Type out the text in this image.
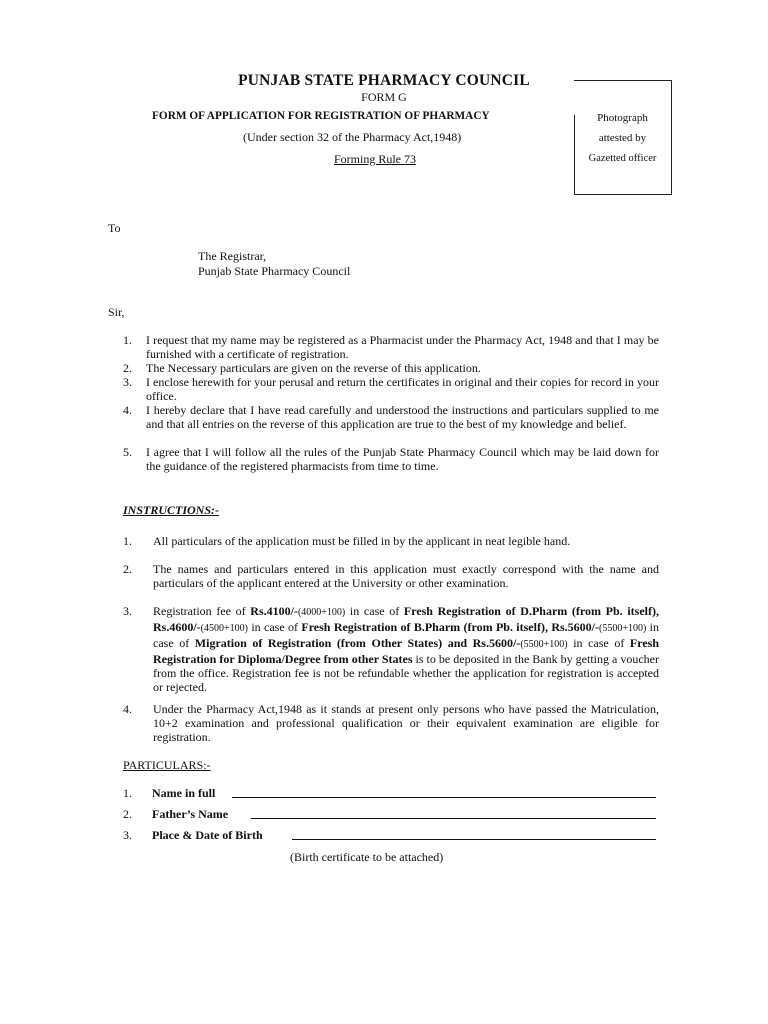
PUNJAB STATE PHARMACY COUNCIL
FORM G
FORM OF APPLICATION FOR REGISTRATION OF PHARMACY
(Under section 32 of the Pharmacy Act,1948)
Forming Rule 73
Photograph
attested by
Gazetted officer
To
The Registrar,
Punjab State Pharmacy Council
Sir,
1. I request that my name may be registered as a Pharmacist under the Pharmacy Act, 1948 and that I may be furnished with a certificate of registration.
2. The Necessary particulars are given on the reverse of this application.
3. I enclose herewith for your perusal and return the certificates in original and their copies for record in your office.
4. I hereby declare that I have read carefully and understood the instructions and particulars supplied to me and that all entries on the reverse of this application are true to the best of my knowledge and belief.
5. I agree that I will follow all the rules of the Punjab State Pharmacy Council which may be laid down for the guidance of the registered pharmacists from time to time.
INSTRUCTIONS:-
1. All particulars of the application must be filled in by the applicant in neat legible hand.
2. The names and particulars entered in this application must exactly correspond with the name and particulars of the applicant entered at the University or other examination.
3. Registration fee of Rs.4100/-(4000+100) in case of Fresh Registration of D.Pharm (from Pb. itself), Rs.4600/-(4500+100) in case of Fresh Registration of B.Pharm (from Pb. itself), Rs.5600/-(5500+100) in case of Migration of Registration (from Other States) and Rs.5600/-(5500+100) in case of Fresh Registration for Diploma/Degree from other States is to be deposited in the Bank by getting a voucher from the office. Registration fee is not be refundable whether the application for registration is accepted or rejected.
4. Under the Pharmacy Act,1948 as it stands at present only persons who have passed the Matriculation, 10+2 examination and professional qualification or their equivalent examination are eligible for registration.
PARTICULARS:-
1. Name in full
2. Father’s Name
3. Place & Date of Birth
(Birth certificate to be attached)
